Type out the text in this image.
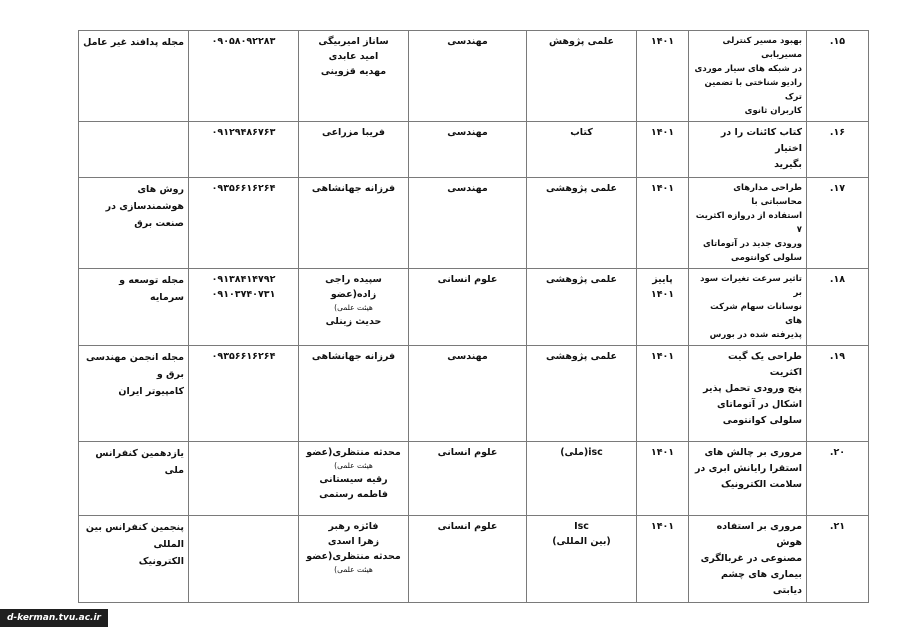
۱۵.	بهبود مسیر کنترلی مسیریابی
در شبکه های سیار موردی
رادیو شناختی با تضمین ترک
کاربران ثانوی	۱۴۰۱	علمی پژوهش	مهندسی	ساناز امیربیگی
امید عابدی
مهدیه قزوینی	۰۹۰۵۸۰۹۲۲۸۳	مجله پدافند غیر عامل

۱۶.	کتاب کائنات را در اختیار
بگیرید	۱۴۰۱	کتاب	مهندسی	فریبا مزراعی	۰۹۱۲۹۴۸۶۷۶۳	

۱۷.	طراحی مدارهای محاسباتی با
استفاده از دروازه اکثریت ۷
ورودی جدید در آتوماتای
سلولی کوانتومی	۱۴۰۱	علمی پژوهشی	مهندسی	فرزانه جهانشاهی	۰۹۳۵۶۶۱۶۲۶۴	روش های هوشمندسازی در
صنعت برق

۱۸.	تاثیر سرعت تغیرات سود بر
نوسانات سهام شرکت های
پذیرفته شده در بورس	پاییز
۱۴۰۱	علمی پژوهشی	علوم انسانی	سپیده راجی زاده(عضو
هیئت علمی)
حدیث زینلی	۰۹۱۳۸۴۱۴۷۹۲
۰۹۱۰۳۷۴۰۷۳۱	مجله توسعه و سرمایه

۱۹.	طراحی یک گیت اکثریت
پنج ورودی تحمل پذیر
اشکال در آتوماتای
سلولی کوانتومی	۱۴۰۱	علمی پژوهشی	مهندسی	فرزانه جهانشاهی	۰۹۳۵۶۶۱۶۲۶۴	مجله انجمن مهندسی برق و
کامپیوتر ایران

۲۰.	مروری بر چالش های
استقرا رایانش ابری در
سلامت الکترونیک	۱۴۰۱	isc(ملی)	علوم انسانی	محدثه منتظری(عضو
هیئت علمی)
رقیه سیستانی
فاطمه رستمی		یازدهمین کنفرانس ملی

۲۱.	مروری بر استفاده هوش
مصنوعی در غربالگری
بیماری های چشم دیابتی	۱۴۰۱	Isc
(بین المللی)	علوم انسانی	فائزه رهبر
زهرا اسدی
محدثه منتظری(عضو
هیئت علمی)		پنجمین کنفرانس بین المللی
الکترونیک
d-kerman.tvu.ac.ir
